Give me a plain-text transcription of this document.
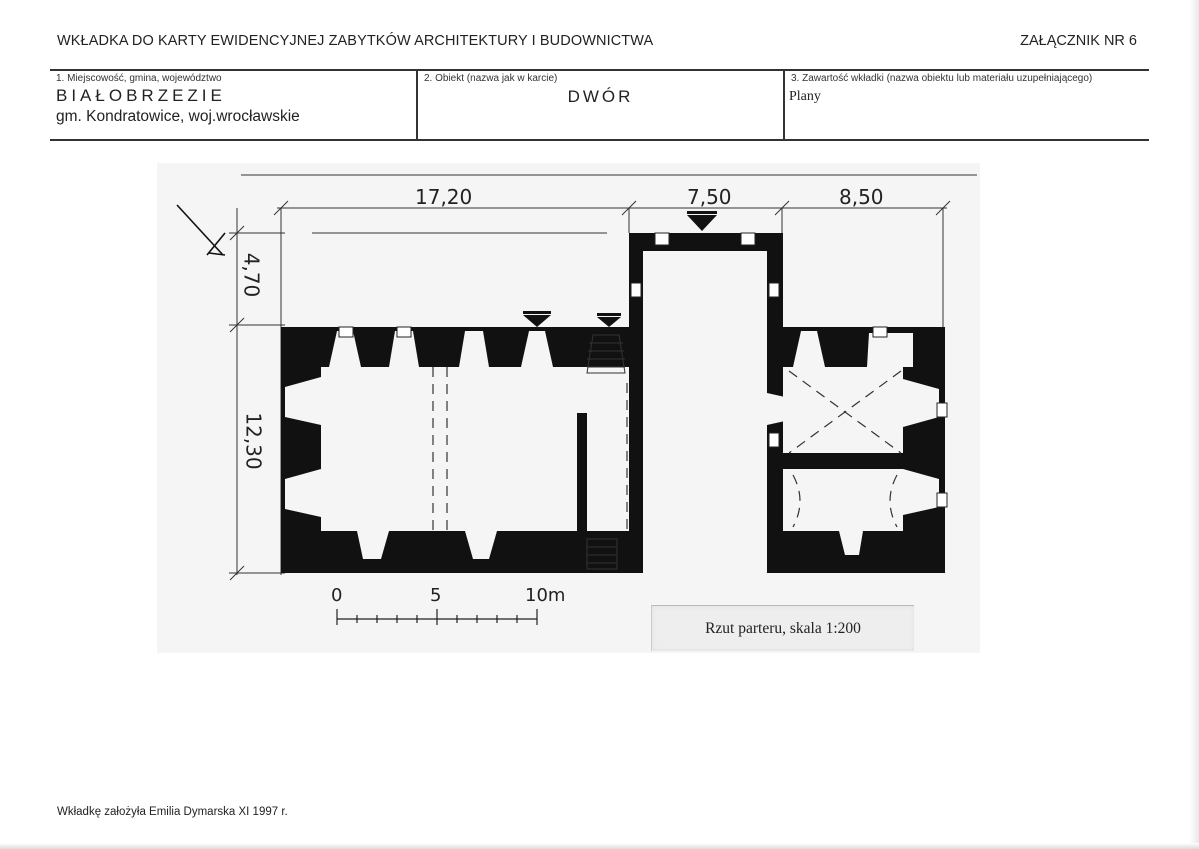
WKŁADKA DO KARTY EWIDENCYJNEJ ZABYTKÓW ARCHITEKTURY I BUDOWNICTWA	ZAŁĄCZNIK NR 6
1. Miejscowość, gmina, województwo
BIAŁOBRZEZIE
gm. Kondratowice, woj.wrocławskie
2. Obiekt (nazwa jak w karcie)
DWÓR
3. Zawartość wkładki (nazwa obiektu lub materiału uzupełniającego)
Plany
17,20	7,50	8,50
4,70
12,30
0	5	10m
Rzut parteru, skala 1:200
Wkładkę założyła Emilia Dymarska XI 1997 r.
